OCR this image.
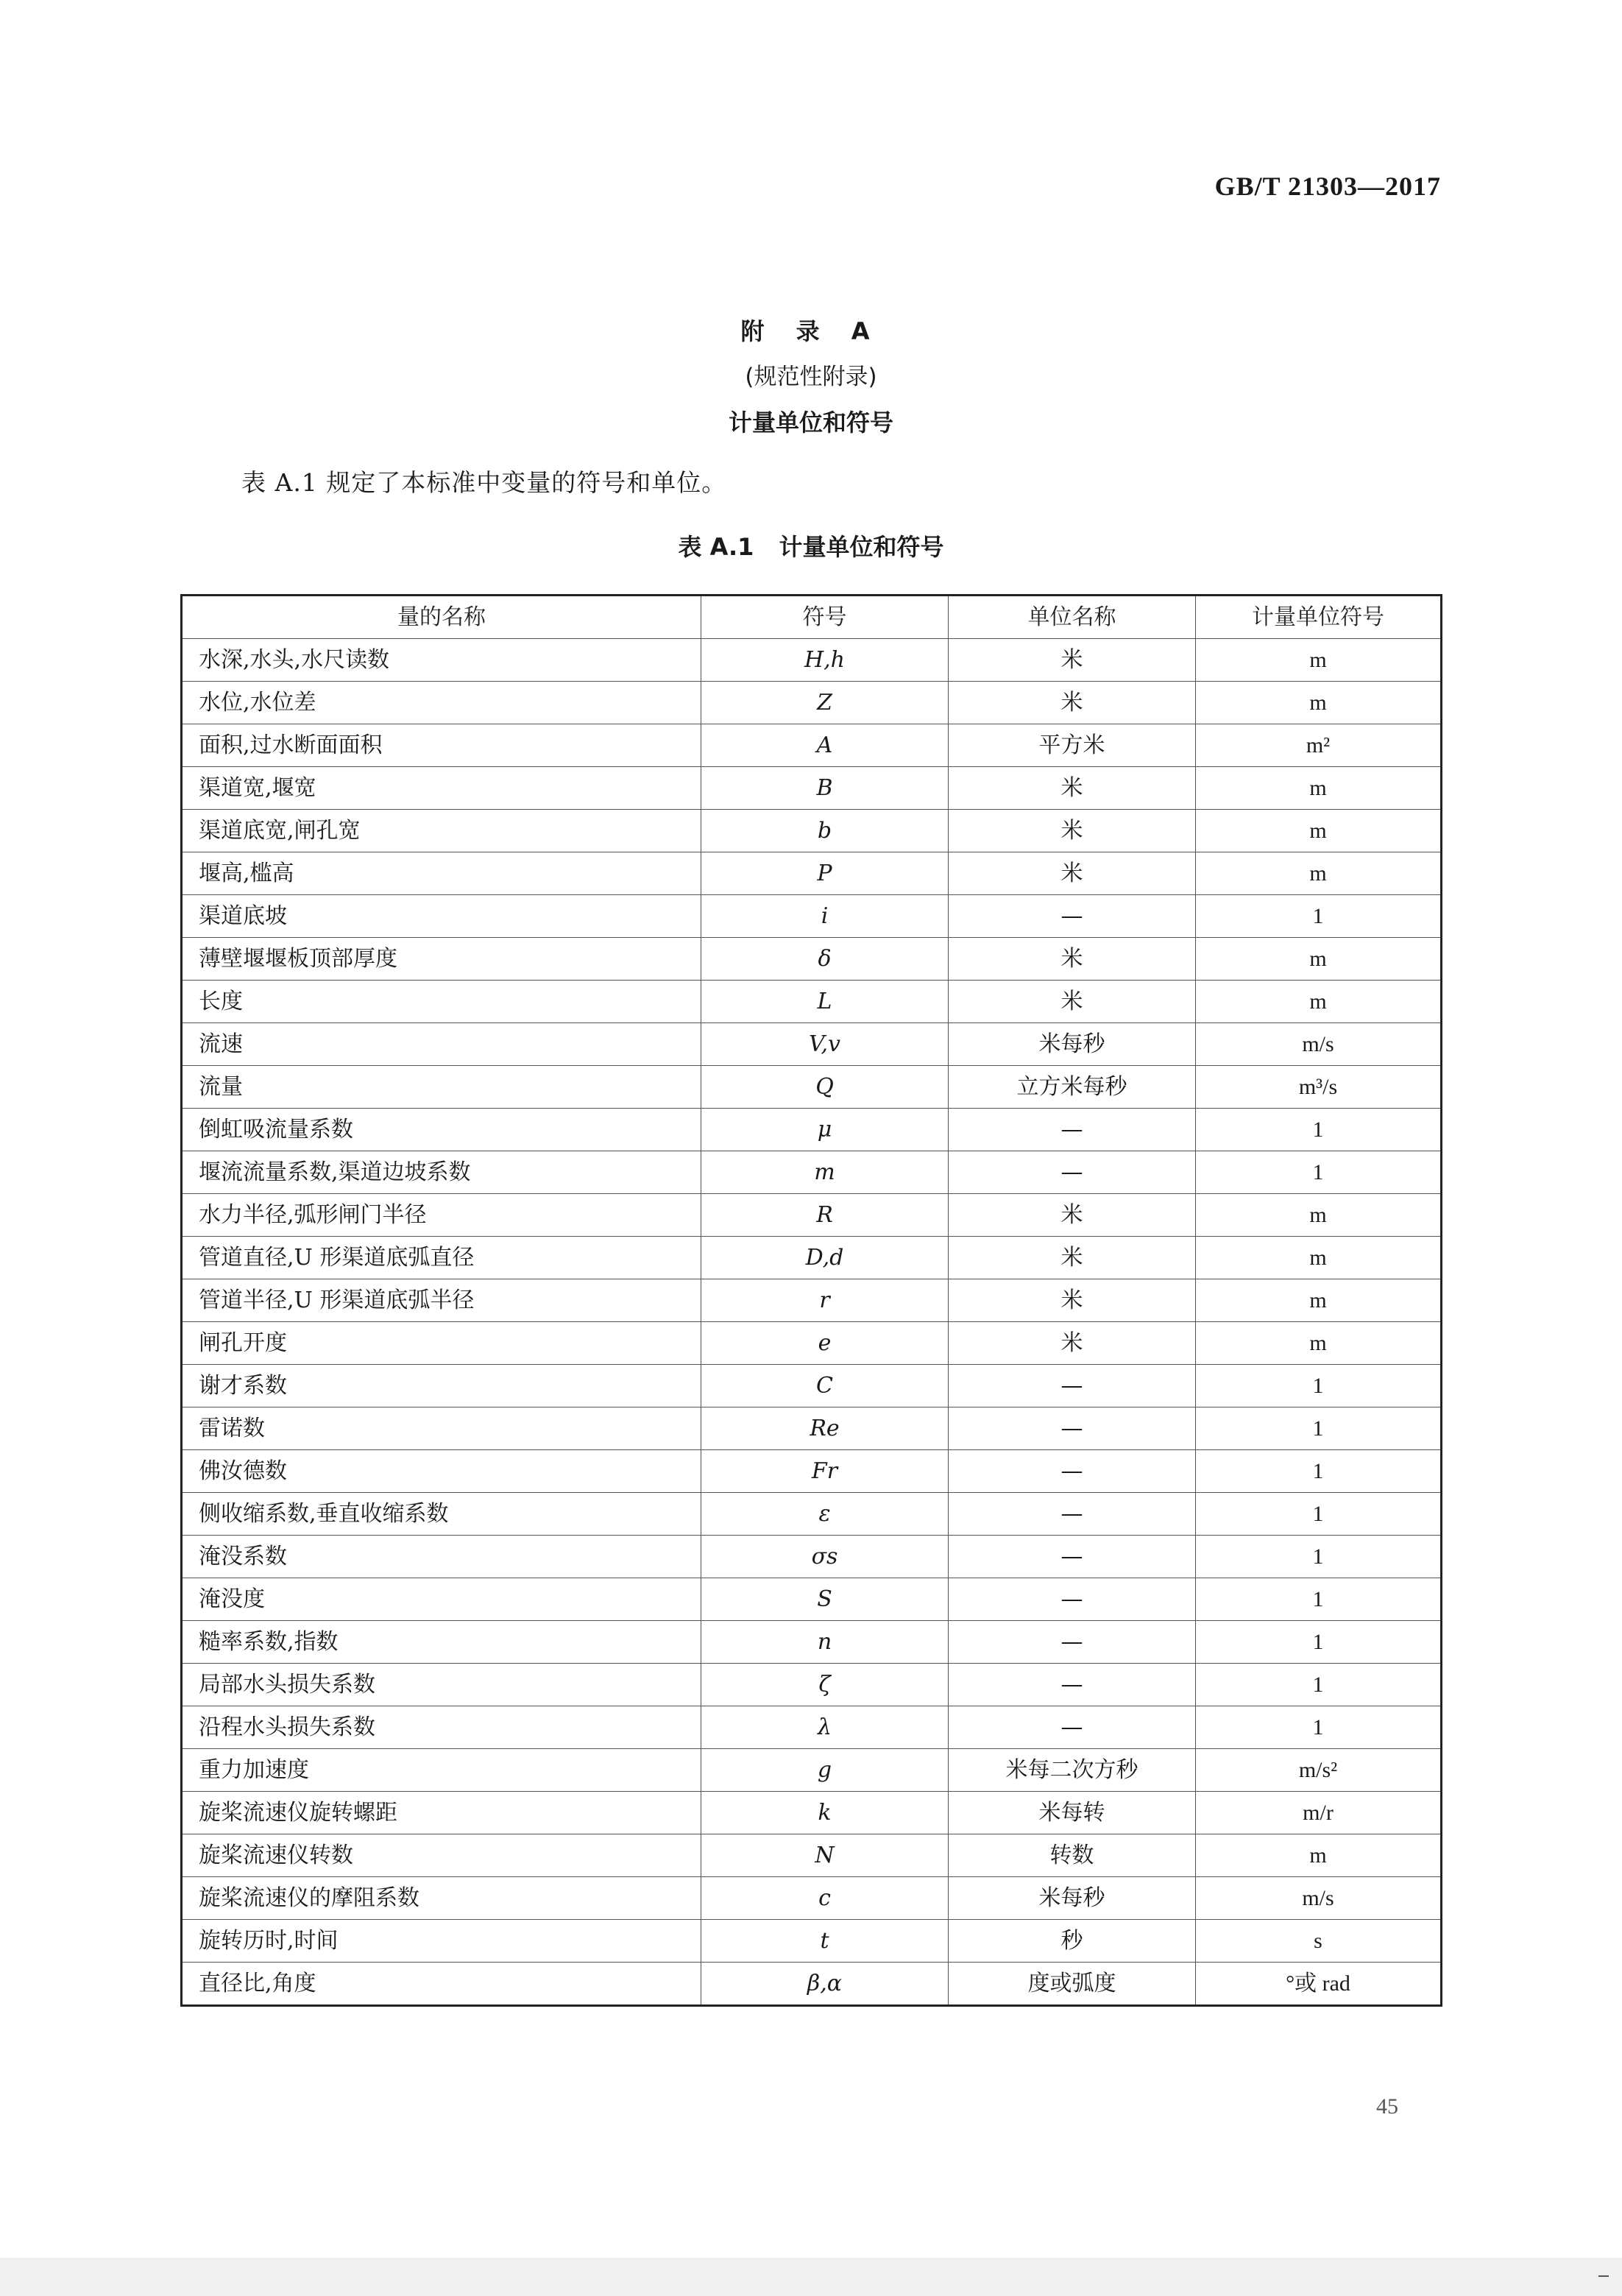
GB/T 21303—2017
附 录 A
(规范性附录)
计量单位和符号
表 A.1 规定了本标准中变量的符号和单位。
表 A.1 计量单位和符号
量的名称	符号	单位名称	计量单位符号
水深,水头,水尺读数	H,h	米	m
水位,水位差	Z	米	m
面积,过水断面面积	A	平方米	m²
渠道宽,堰宽	B	米	m
渠道底宽,闸孔宽	b	米	m
堰高,槛高	P	米	m
渠道底坡	i	—	1
薄壁堰堰板顶部厚度	δ	米	m
长度	L	米	m
流速	V,v	米每秒	m/s
流量	Q	立方米每秒	m³/s
倒虹吸流量系数	μ	—	1
堰流流量系数,渠道边坡系数	m	—	1
水力半径,弧形闸门半径	R	米	m
管道直径,U 形渠道底弧直径	D,d	米	m
管道半径,U 形渠道底弧半径	r	米	m
闸孔开度	e	米	m
谢才系数	C	—	1
雷诺数	Re	—	1
佛汝德数	Fr	—	1
侧收缩系数,垂直收缩系数	ε	—	1
淹没系数	σs	—	1
淹没度	S	—	1
糙率系数,指数	n	—	1
局部水头损失系数	ζ	—	1
沿程水头损失系数	λ	—	1
重力加速度	g	米每二次方秒	m/s²
旋桨流速仪旋转螺距	k	米每转	m/r
旋桨流速仪转数	N	转数	m
旋桨流速仪的摩阻系数	c	米每秒	m/s
旋转历时,时间	t	秒	s
直径比,角度	β,α	度或弧度	°或 rad
45
